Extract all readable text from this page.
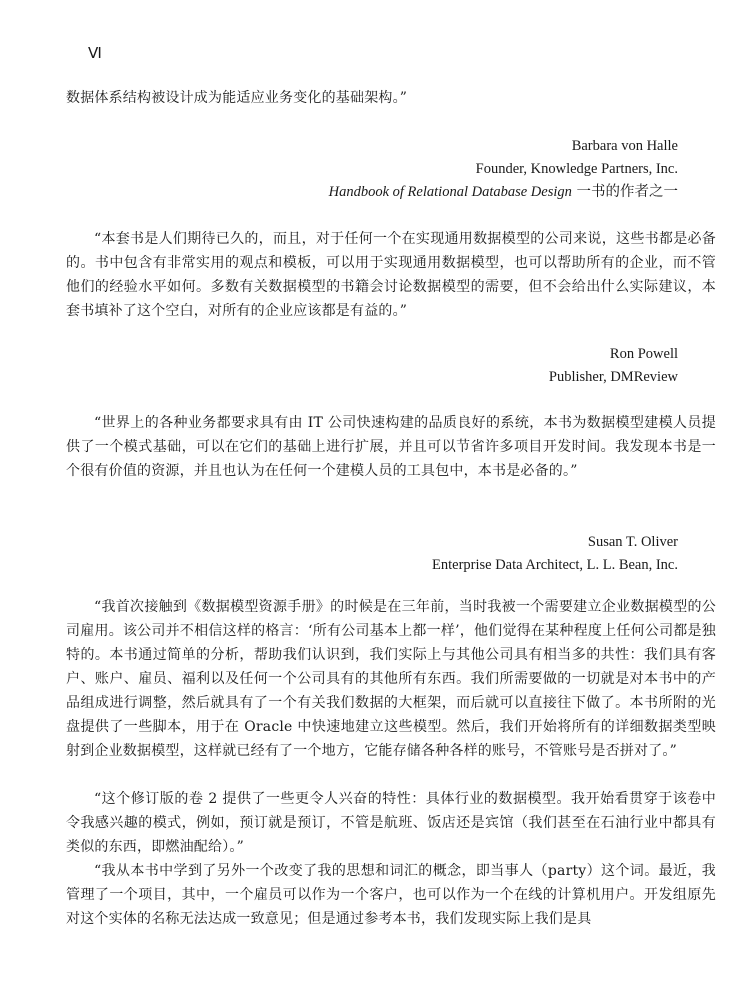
Ⅵ

数据体系结构被设计成为能适应业务变化的基础架构。”

Barbara von Halle
Founder, Knowledge Partners, Inc.
Handbook of Relational Database Design 一书的作者之一

“本套书是人们期待已久的，而且，对于任何一个在实现通用数据模型的公司来说，这些书都是必备的。书中包含有非常实用的观点和模板，可以用于实现通用数据模型，也可以帮助所有的企业，而不管他们的经验水平如何。多数有关数据模型的书籍会讨论数据模型的需要，但不会给出什么实际建议，本套书填补了这个空白，对所有的企业应该都是有益的。”

Ron Powell
Publisher, DMReview

“世界上的各种业务都要求具有由 IT 公司快速构建的品质良好的系统，本书为数据模型建模人员提供了一个模式基础，可以在它们的基础上进行扩展，并且可以节省许多项目开发时间。我发现本书是一个很有价值的资源，并且也认为在任何一个建模人员的工具包中，本书是必备的。”

Susan T. Oliver
Enterprise Data Architect, L. L. Bean, Inc.

“我首次接触到《数据模型资源手册》的时候是在三年前，当时我被一个需要建立企业数据模型的公司雇用。该公司并不相信这样的格言：‘所有公司基本上都一样’，他们觉得在某种程度上任何公司都是独特的。本书通过简单的分析，帮助我们认识到，我们实际上与其他公司具有相当多的共性：我们具有客户、账户、雇员、福利以及任何一个公司具有的其他所有东西。我们所需要做的一切就是对本书中的产品组成进行调整，然后就具有了一个有关我们数据的大框架，而后就可以直接往下做了。本书所附的光盘提供了一些脚本，用于在 Oracle 中快速地建立这些模型。然后，我们开始将所有的详细数据类型映射到企业数据模型，这样就已经有了一个地方，它能存储各种各样的账号，不管账号是否拼对了。”

“这个修订版的卷 2 提供了一些更令人兴奋的特性：具体行业的数据模型。我开始看贯穿于该卷中令我感兴趣的模式，例如，预订就是预订，不管是航班、饭店还是宾馆（我们甚至在石油行业中都具有类似的东西，即燃油配给）。”

“我从本书中学到了另外一个改变了我的思想和词汇的概念，即当事人（party）这个词。最近，我管理了一个项目，其中，一个雇员可以作为一个客户，也可以作为一个在线的计算机用户。开发组原先对这个实体的名称无法达成一致意见；但是通过参考本书，我们发现实际上我们是具
